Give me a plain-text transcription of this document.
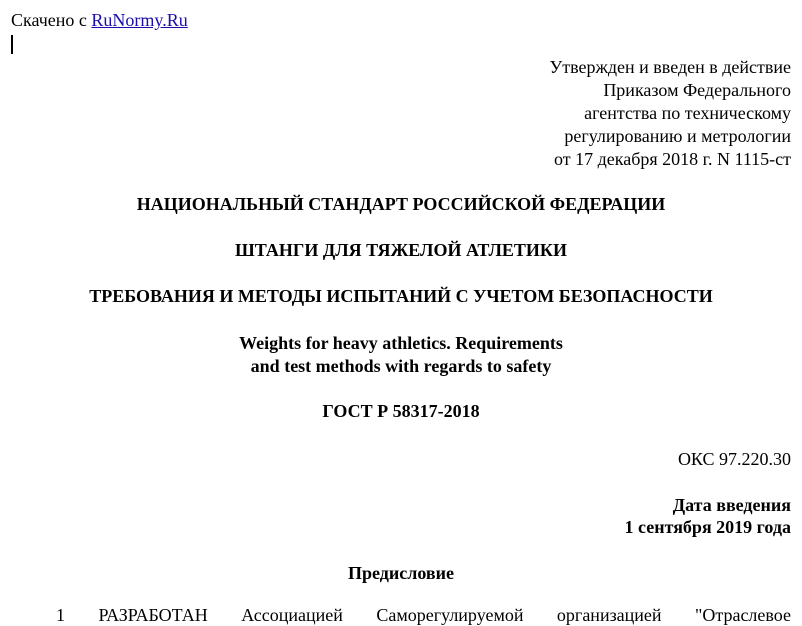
Скачено с RuNormy.Ru
Утвержден и введен в действие
Приказом Федерального
агентства по техническому
регулированию и метрологии
от 17 декабря 2018 г. N 1115-ст
НАЦИОНАЛЬНЫЙ СТАНДАРТ РОССИЙСКОЙ ФЕДЕРАЦИИ
ШТАНГИ ДЛЯ ТЯЖЕЛОЙ АТЛЕТИКИ
ТРЕБОВАНИЯ И МЕТОДЫ ИСПЫТАНИЙ С УЧЕТОМ БЕЗОПАСНОСТИ
Weights for heavy athletics. Requirements
and test methods with regards to safety
ГОСТ Р 58317-2018
ОКС 97.220.30
Дата введения
1 сентября 2019 года
Предисловие
1 РАЗРАБОТАН Ассоциацией Саморегулируемой организацией "Отраслевое
